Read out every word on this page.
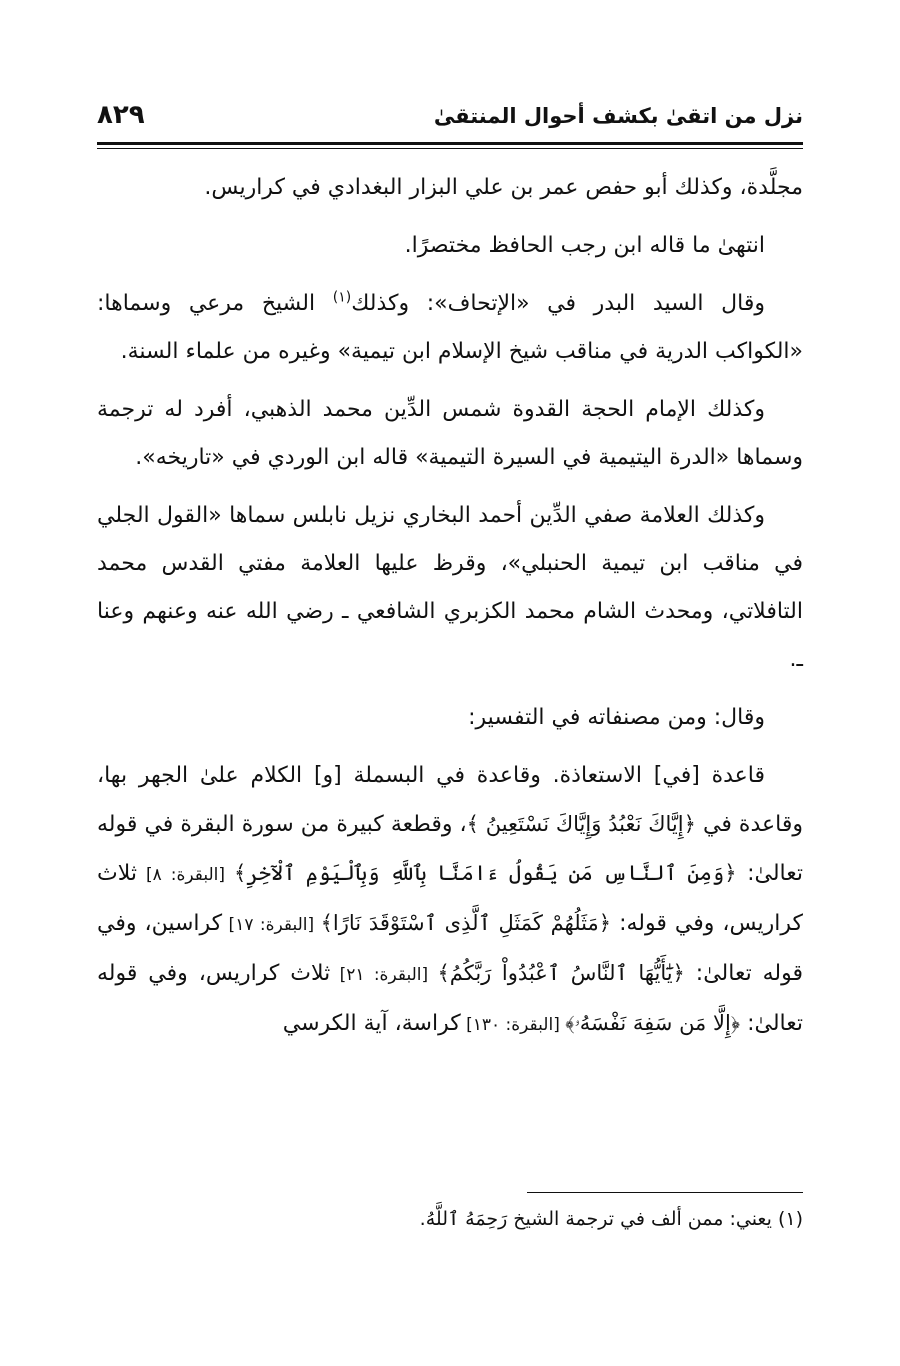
نزل من اتقىٰ بكشف أحوال المنتقىٰ
٨٢٩

مجلَّدة، وكذلك أبو حفص عمر بن علي البزار البغدادي في كراريس.

انتهىٰ ما قاله ابن رجب الحافظ مختصرًا.

وقال السيد البدر في «الإتحاف»: وكذلك$^{(١)}$ الشيخ مرعي وسماها: «الكواكب الدرية في مناقب شيخ الإسلام ابن تيمية» وغيره من علماء السنة.

وكذلك الإمام الحجة القدوة شمس الدِّين محمد الذهبي، أفرد له ترجمة وسماها «الدرة اليتيمية في السيرة التيمية» قاله ابن الوردي في «تاريخه».

وكذلك العلامة صفي الدِّين أحمد البخاري نزيل نابلس سماها «القول الجلي في مناقب ابن تيمية الحنبلي»، وقرظ عليها العلامة مفتي القدس محمد التافلاتي، ومحدث الشام محمد الكزبري الشافعي ـ رضي الله عنه وعنهم وعنا ـ.

وقال: ومن مصنفاته في التفسير:

قاعدة [في] الاستعاذة. وقاعدة في البسملة [و] الكلام علىٰ الجهر بها، وقاعدة في ﴿إِيَّاكَ نَعْبُدُ وَإِيَّاكَ نَسْتَعِينُ ﴾، وقطعة كبيرة من سورة البقرة في قوله تعالىٰ: ﴿وَمِنَ ٱلنَّاسِ مَن يَقُولُ ءَامَنَّا بِٱللَّهِ وَبِٱلْيَوْمِ ٱلْآخِرِ﴾ [البقرة: ٨] ثلاث كراريس، وفي قوله: ﴿مَثَلُهُمْ كَمَثَلِ ٱلَّذِى ٱسْتَوْقَدَ نَارًا﴾ [البقرة: ١٧] كراسين، وفي قوله تعالىٰ: ﴿يَٰٓأَيُّهَا ٱلنَّاسُ ٱعْبُدُواْ رَبَّكُمُ﴾ [البقرة: ٢١] ثلاث كراريس، وفي قوله تعالىٰ: ﴿إِلَّا مَن سَفِهَ نَفْسَهُۥ﴾ [البقرة: ١٣٠] كراسة، آية الكرسي

(١) يعني: ممن ألف في ترجمة الشيخ رَحِمَهُ ٱللَّهُ.
